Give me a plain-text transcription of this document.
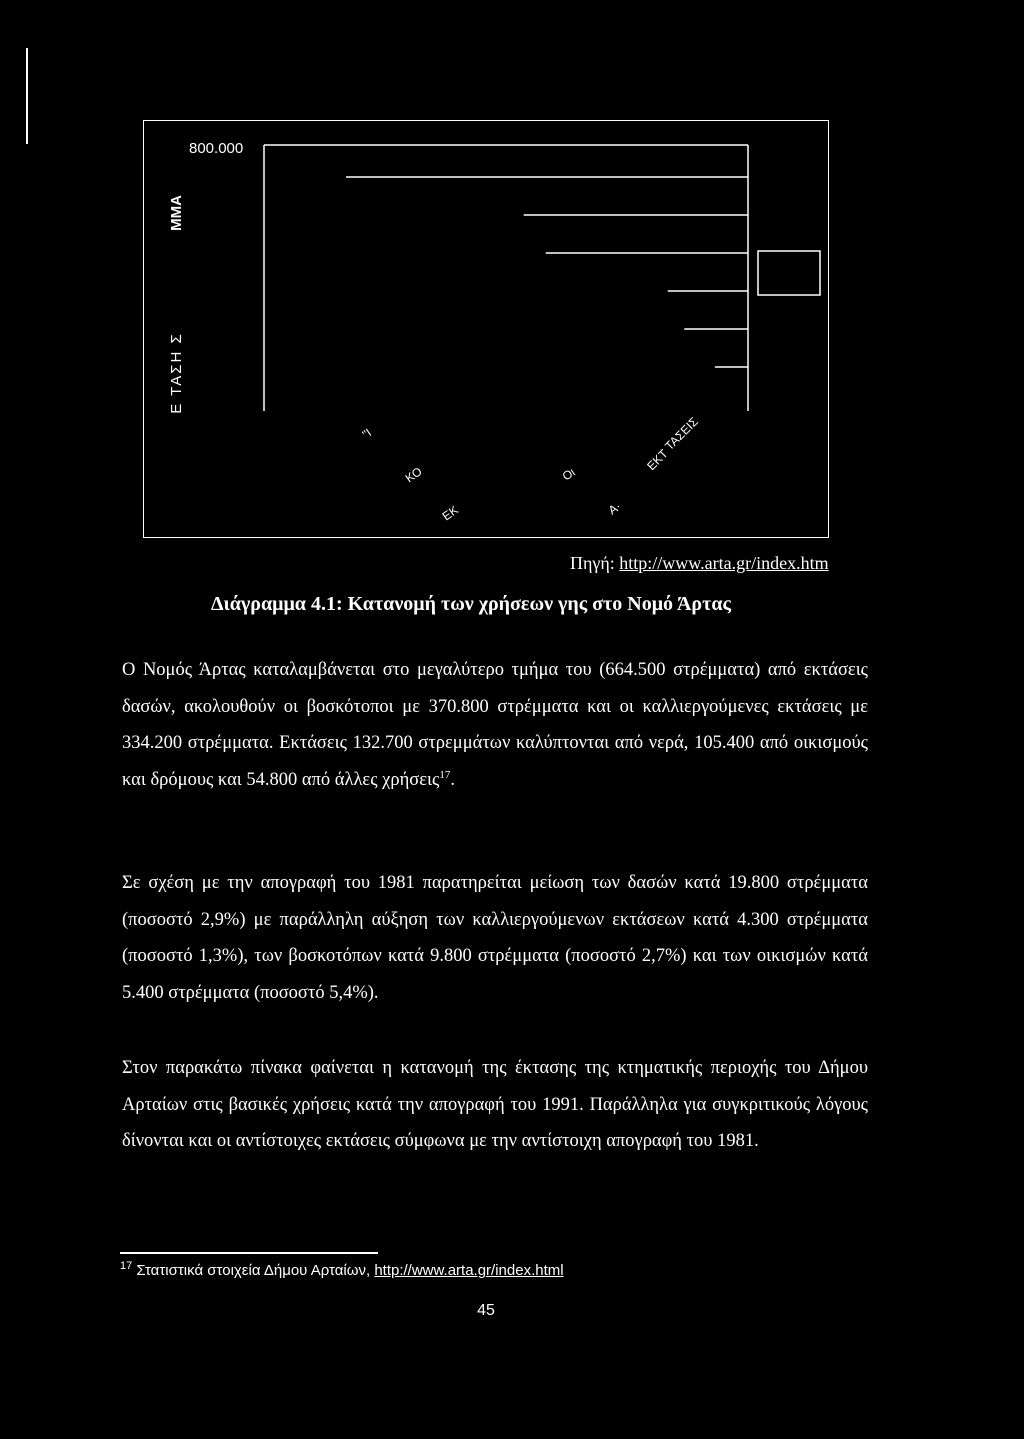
Ε ΤΑΣΗ Σ
ΜΜΑ
800.000
"Ι
ΚΟ
ΕΚ
Οι
Α·
ΕΚΤ
ΤΑΣΕΙΣ
Πηγή: http://www.arta.gr/index.htm
Διάγραμμα 4.1: Κατανομή των χρήσεων γης στο Νομό Άρτας

Ο Νομός Άρτας καταλαμβάνεται στο μεγαλύτερο τμήμα του (664.500 στρέμματα) από εκτάσεις δασών, ακολουθούν οι βοσκότοποι με 370.800 στρέμματα και οι καλλιεργούμενες εκτάσεις με 334.200 στρέμματα. Εκτάσεις 132.700 στρεμμάτων καλύπτονται από νερά, 105.400 από οικισμούς και δρόμους και 54.800 από άλλες χρήσεις$^{17}$.

Σε σχέση με την απογραφή του 1981 παρατηρείται μείωση των δασών κατά 19.800 στρέμματα (ποσοστό 2,9%) με παράλληλη αύξηση των καλλιεργούμενων εκτάσεων κατά 4.300 στρέμματα (ποσοστό 1,3%), των βοσκοτόπων κατά 9.800 στρέμματα (ποσοστό 2,7%) και των οικισμών κατά 5.400 στρέμματα (ποσοστό 5,4%).

Στον παρακάτω πίνακα φαίνεται η κατανομή της έκτασης της κτηματικής περιοχής του Δήμου Αρταίων στις βασικές χρήσεις κατά την απογραφή του 1991. Παράλληλα για συγκριτικούς λόγους δίνονται και οι αντίστοιχες εκτάσεις σύμφωνα με την αντίστοιχη απογραφή του 1981.

$^{17}$ Στατιστικά στοιχεία Δήμου Αρταίων, http://www.arta.gr/index.html
45
